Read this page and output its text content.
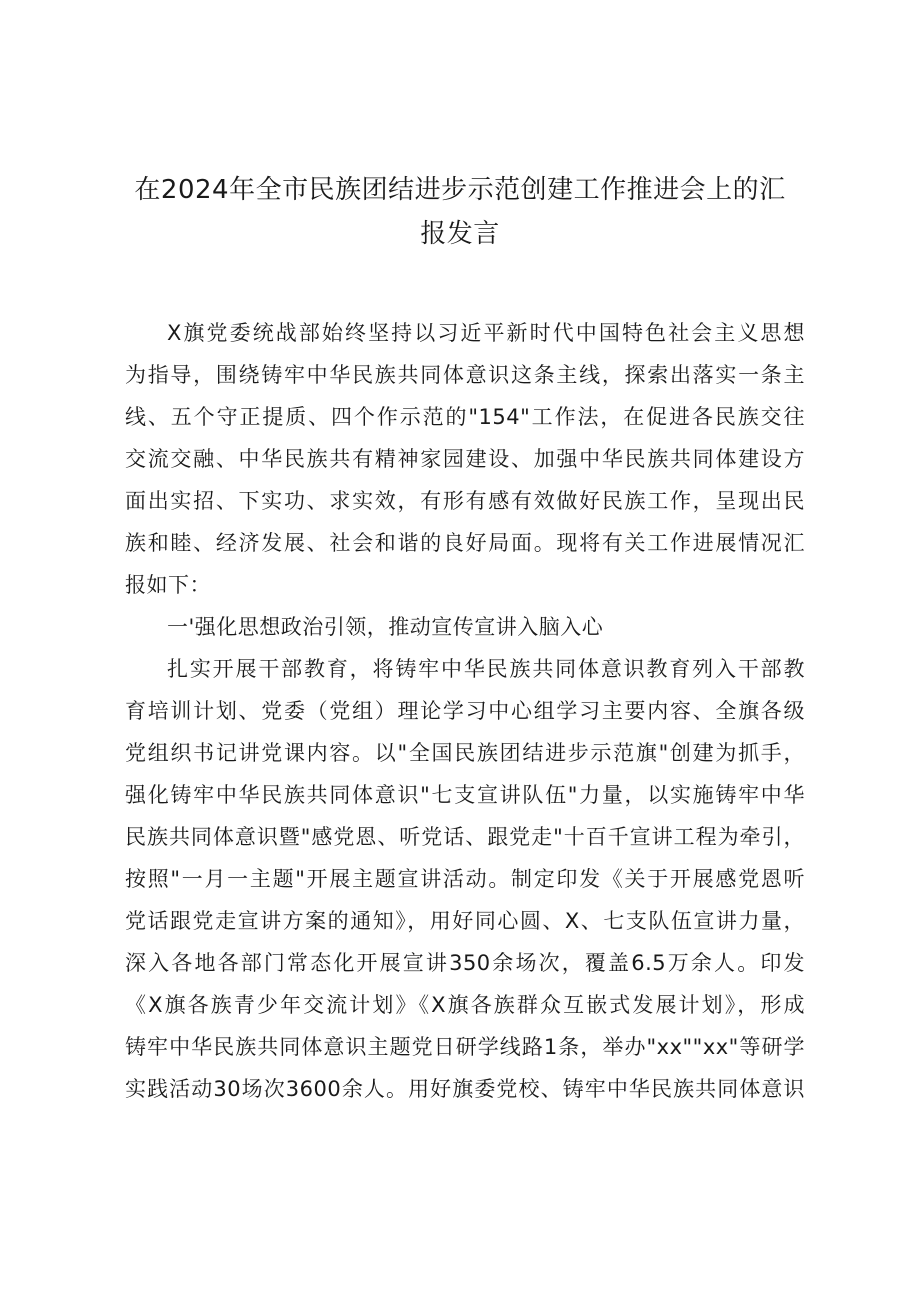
在2024年全市民族团结进步示范创建工作推进会上的汇
报发言
X旗党委统战部始终坚持以习近平新时代中国特色社会主义思想
为指导，围绕铸牢中华民族共同体意识这条主线，探索出落实一条主
线、五个守正提质、四个作示范的"154"工作法，在促进各民族交往
交流交融、中华民族共有精神家园建设、加强中华民族共同体建设方
面出实招、下实功、求实效，有形有感有效做好民族工作，呈现出民
族和睦、经济发展、社会和谐的良好局面。现将有关工作进展情况汇
报如下：
一'强化思想政治引领，推动宣传宣讲入脑入心
扎实开展干部教育，将铸牢中华民族共同体意识教育列入干部教
育培训计划、党委（党组）理论学习中心组学习主要内容、全旗各级
党组织书记讲党课内容。以"全国民族团结进步示范旗"创建为抓手，
强化铸牢中华民族共同体意识"七支宣讲队伍"力量，以实施铸牢中华
民族共同体意识暨"感党恩、听党话、跟党走"十百千宣讲工程为牵引，
按照"一月一主题"开展主题宣讲活动。制定印发《关于开展感党恩听
党话跟党走宣讲方案的通知》，用好同心圆、X、七支队伍宣讲力量，
深入各地各部门常态化开展宣讲350余场次，覆盖6.5万余人。印发
《X旗各族青少年交流计划》《X旗各族群众互嵌式发展计划》，形成
铸牢中华民族共同体意识主题党日研学线路1条，举办"xx""xx"等研学
实践活动30场次3600余人。用好旗委党校、铸牢中华民族共同体意识
